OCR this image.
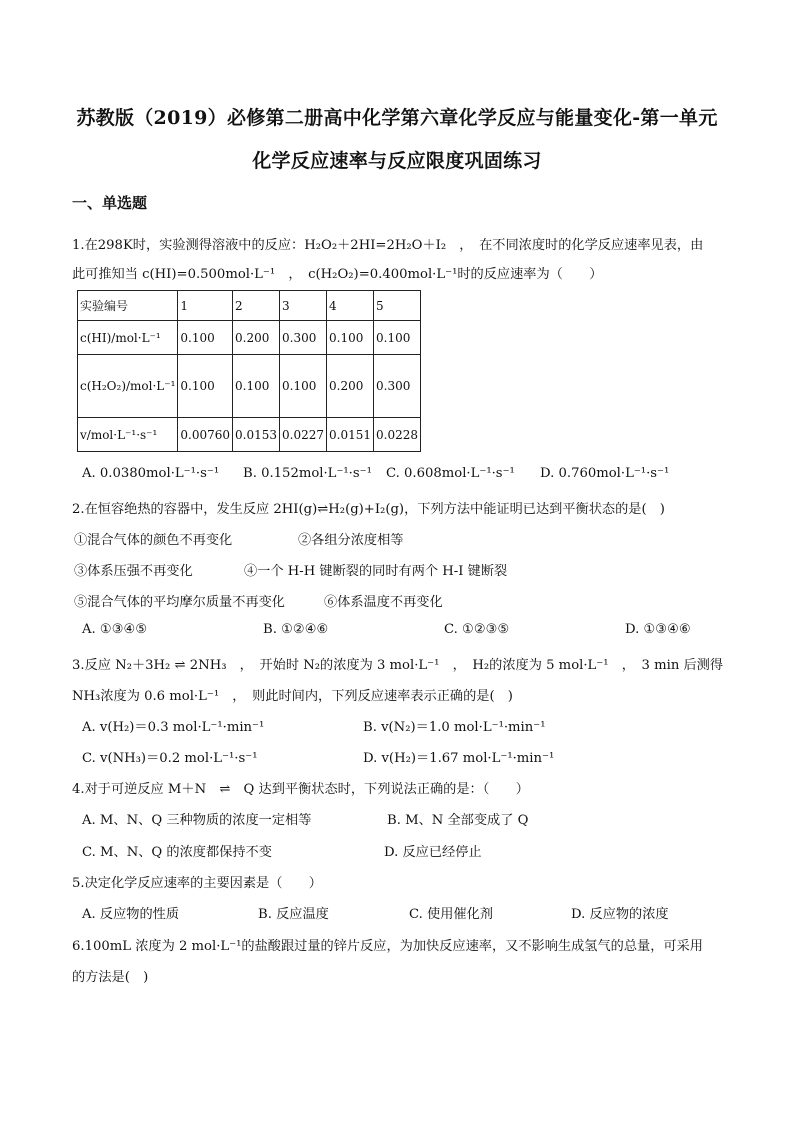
苏教版（2019）必修第二册高中化学第六章化学反应与能量变化-第一单元
化学反应速率与反应限度巩固练习
一、单选题
1.在298K时，实验测得溶液中的反应：H₂O₂＋2HI=2H₂O＋I₂　，　在不同浓度时的化学反应速率见表，由
此可推知当 c(HI)=0.500mol·L⁻¹　，　c(H₂O₂)=0.400mol·L⁻¹时的反应速率为（　　）
实验编号	1	2	3	4	5
c(HI)/mol·L⁻¹	0.100	0.200	0.300	0.100	0.100
c(H₂O₂)/mol·L⁻¹	0.100	0.100	0.100	0.200	0.300
v/mol·L⁻¹·s⁻¹	0.00760	0.0153	0.0227	0.0151	0.0228
A. 0.0380mol·L⁻¹·s⁻¹ B. 0.152mol·L⁻¹·s⁻¹ C. 0.608mol·L⁻¹·s⁻¹ D. 0.760mol·L⁻¹·s⁻¹
2.在恒容绝热的容器中，发生反应 2HI(g)⇌H₂(g)+I₂(g)，下列方法中能证明已达到平衡状态的是(　)
①混合气体的颜色不再变化	②各组分浓度相等
③体系压强不再变化	④一个 H-H 键断裂的同时有两个 H-I 键断裂
⑤混合气体的平均摩尔质量不再变化	⑥体系温度不再变化
A. ①③④⑤	B. ①②④⑥	C. ①②③⑤	D. ①③④⑥
3.反应 N₂＋3H₂ ⇌ 2NH₃　，　开始时 N₂的浓度为 3 mol·L⁻¹　，　H₂的浓度为 5 mol·L⁻¹　，　3 min 后测得
NH₃浓度为 0.6 mol·L⁻¹　，　则此时间内，下列反应速率表示正确的是(　)
A. v(H₂)＝0.3 mol·L⁻¹·min⁻¹	B. v(N₂)＝1.0 mol·L⁻¹·min⁻¹
C. v(NH₃)＝0.2 mol·L⁻¹·s⁻¹	D. v(H₂)＝1.67 mol·L⁻¹·min⁻¹
4.对于可逆反应 M＋N　⇌　Q 达到平衡状态时，下列说法正确的是：（　　）
A. M、N、Q 三种物质的浓度一定相等	B. M、N 全部变成了 Q
C. M、N、Q 的浓度都保持不变	D. 反应已经停止
5.决定化学反应速率的主要因素是（　　）
A. 反应物的性质	B. 反应温度	C. 使用催化剂	D. 反应物的浓度
6.100mL 浓度为 2 mol·L⁻¹的盐酸跟过量的锌片反应，为加快反应速率，又不影响生成氢气的总量，可采用
的方法是(　)
